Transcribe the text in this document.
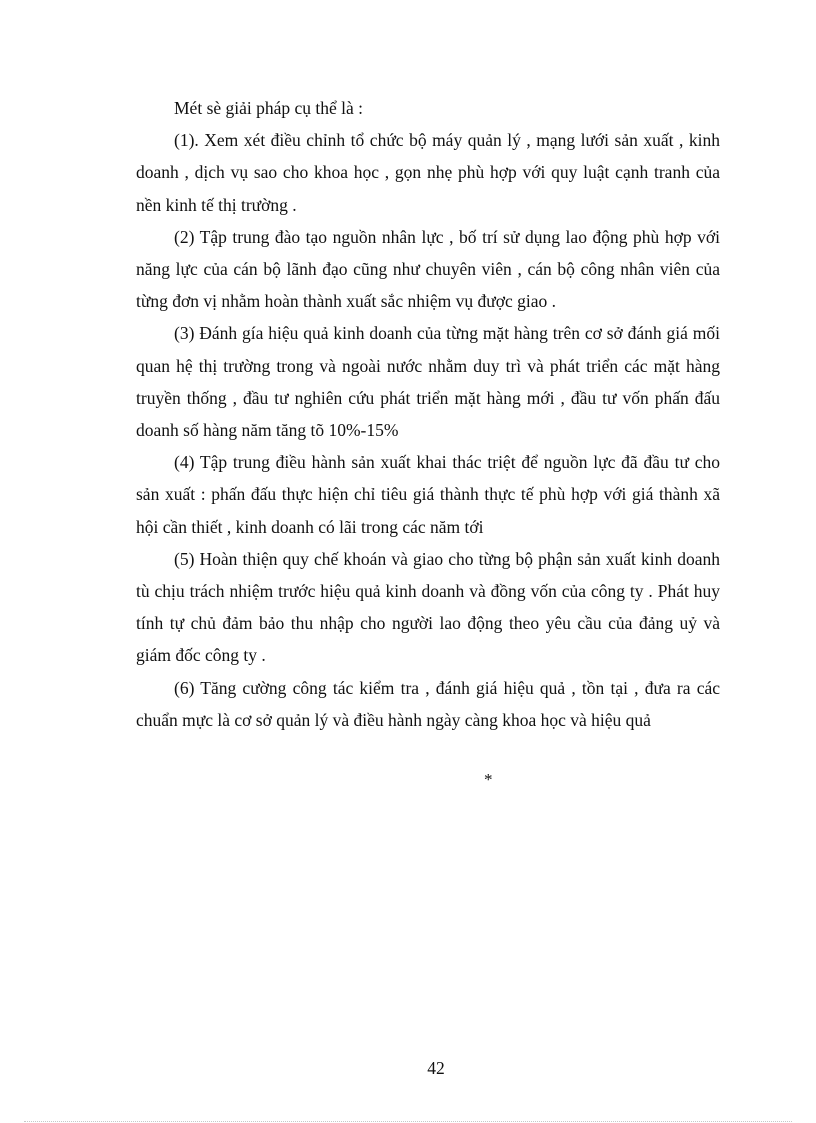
Mét sè giải pháp cụ thể là :

(1). Xem xét điều chỉnh tổ chức bộ máy quản lý , mạng lưới sản xuất , kinh doanh , dịch vụ sao cho khoa học , gọn nhẹ phù hợp với quy luật cạnh tranh của nền kinh tế thị trường .

(2) Tập trung đào tạo nguồn nhân lực , bố trí sử dụng lao động phù hợp với năng lực của cán bộ lãnh đạo cũng như chuyên viên , cán bộ công nhân viên của từng đơn vị nhằm hoàn thành xuất sắc nhiệm vụ được giao .

(3) Đánh gía hiệu quả kinh doanh của từng mặt hàng trên cơ sở đánh giá mối quan hệ thị trường trong và ngoài nước nhằm duy trì và phát triển các mặt hàng truyền thống , đầu tư nghiên cứu phát triển mặt hàng mới , đầu tư vốn phấn đấu doanh số hàng năm tăng tõ 10%-15%

(4) Tập trung điều hành sản xuất khai thác triệt để nguồn lực đã đầu tư cho sản xuất : phấn đấu thực hiện chỉ tiêu giá thành thực tế phù hợp với giá thành xã hội cần thiết , kinh doanh có lãi trong các năm tới

(5) Hoàn thiện quy chế khoán và giao cho từng bộ phận sản xuất kinh doanh tù chịu trách nhiệm trước hiệu quả kinh doanh và đồng vốn của công ty . Phát huy tính tự chủ đảm bảo thu nhập cho người lao động theo yêu cầu của đảng uỷ và giám đốc công ty .

(6) Tăng cường công tác kiểm tra , đánh giá hiệu quả , tồn tại , đưa ra các chuẩn mực là cơ sở quản lý và điều hành ngày càng khoa học và hiệu quả

*
42
